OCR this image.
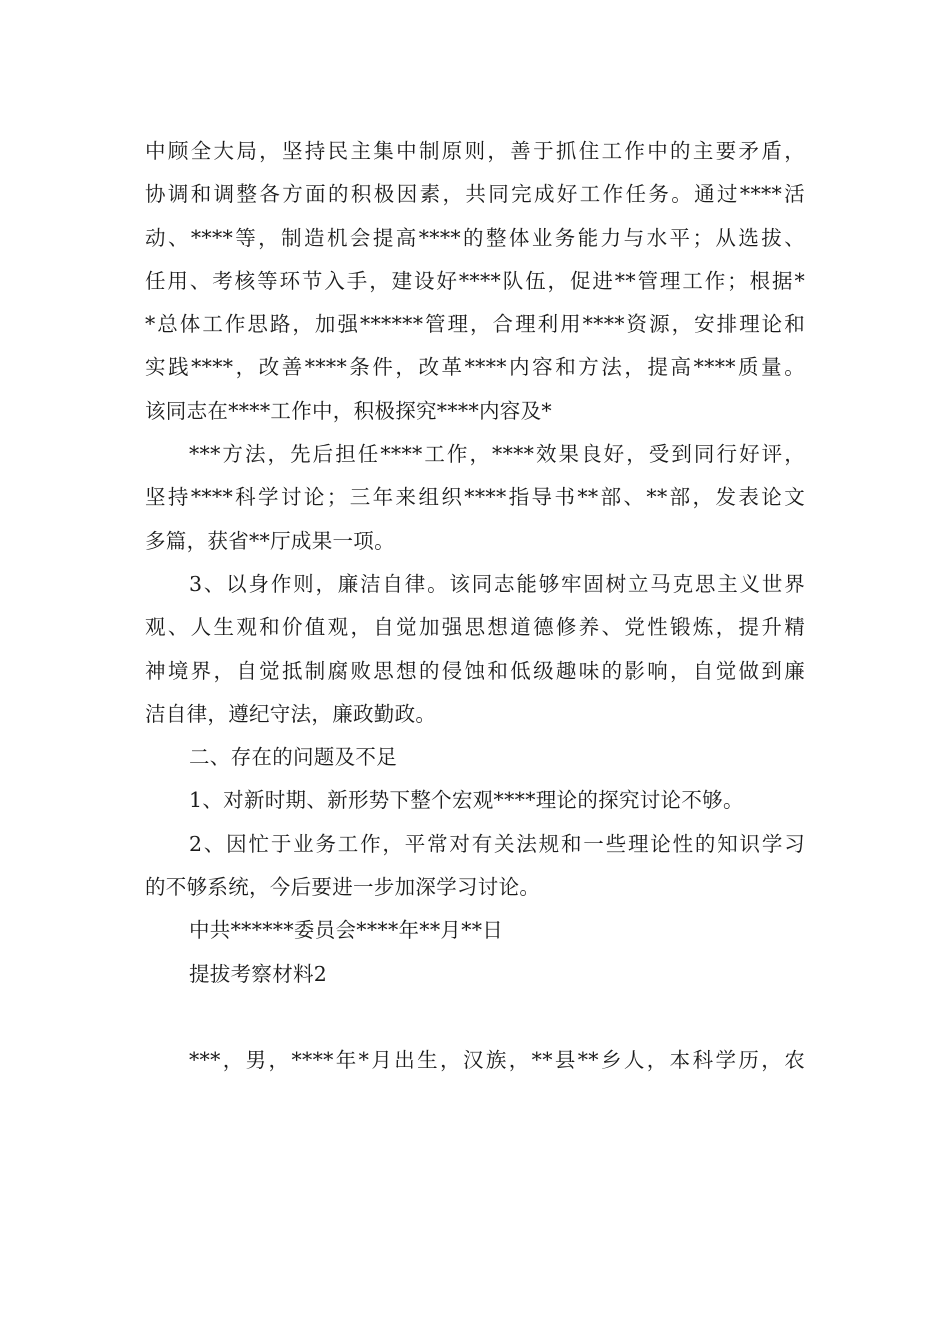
中顾全大局，坚持民主集中制原则，善于抓住工作中的主要矛盾，
协调和调整各方面的积极因素，共同完成好工作任务。通过****活
动、****等，制造机会提高****的整体业务能力与水平；从选拔、
任用、考核等环节入手，建设好****队伍，促进**管理工作；根据*
*总体工作思路，加强******管理，合理利用****资源，安排理论和
实践****，改善****条件，改革****内容和方法，提高****质量。
该同志在****工作中，积极探究****内容及*
***方法，先后担任****工作，****效果良好，受到同行好评，
坚持****科学讨论；三年来组织****指导书**部、**部，发表论文
多篇，获省**厅成果一项。
3、以身作则，廉洁自律。该同志能够牢固树立马克思主义世界
观、人生观和价值观，自觉加强思想道德修养、党性锻炼，提升精
神境界，自觉抵制腐败思想的侵蚀和低级趣味的影响，自觉做到廉
洁自律，遵纪守法，廉政勤政。
二、存在的问题及不足
1、对新时期、新形势下整个宏观****理论的探究讨论不够。
2、因忙于业务工作，平常对有关法规和一些理论性的知识学习
的不够系统，今后要进一步加深学习讨论。
中共******委员会****年**月**日
提拔考察材料2
***，男，****年*月出生，汉族，**县**乡人，本科学历，农
